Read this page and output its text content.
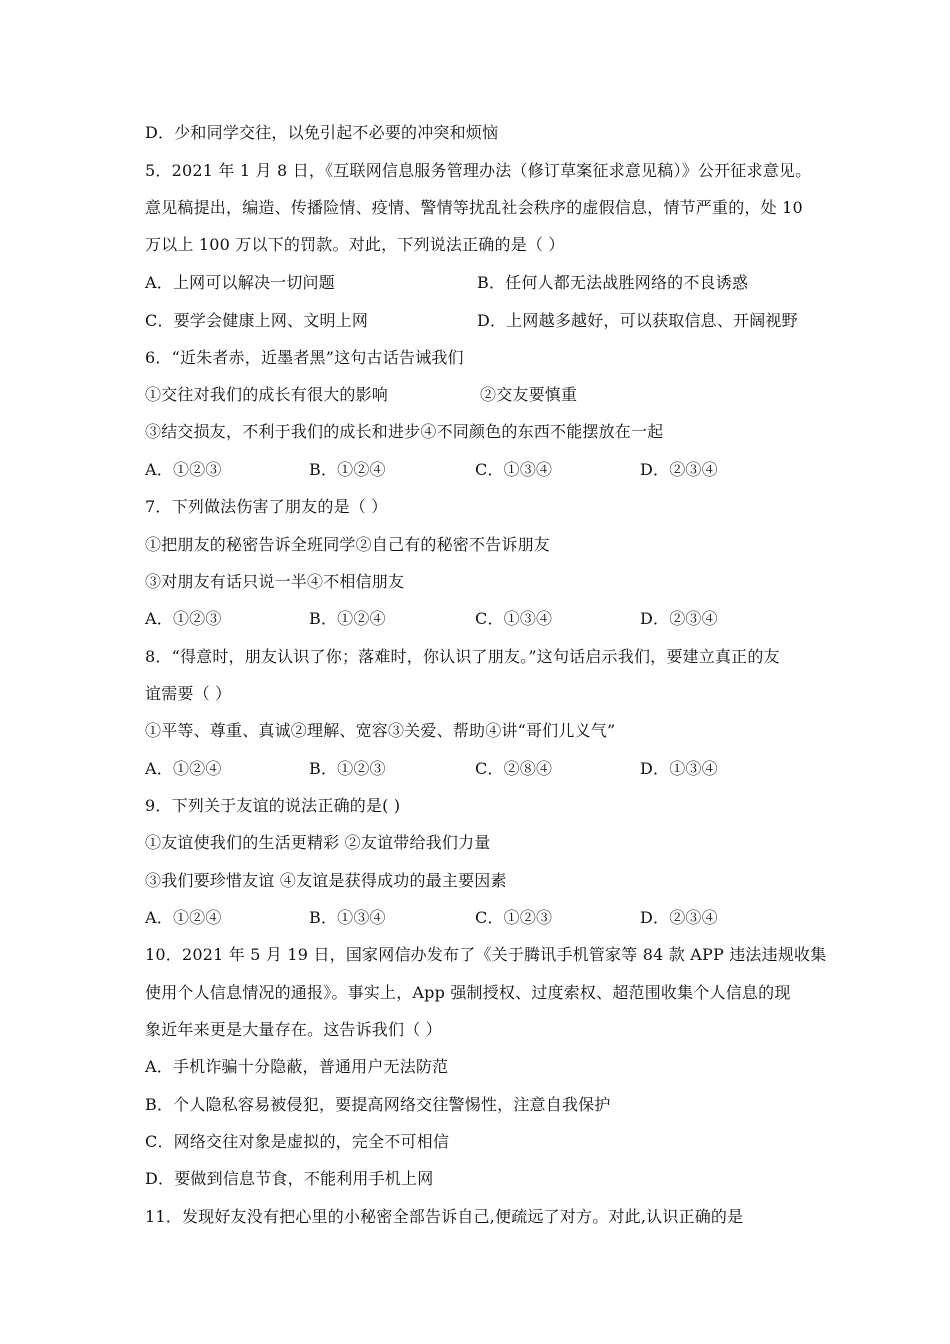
D．少和同学交往，以免引起不必要的冲突和烦恼
5．2021 年 1 月 8 日，《互联网信息服务管理办法（修订草案征求意见稿）》公开征求意见。
意见稿提出，编造、传播险情、疫情、警情等扰乱社会秩序的虚假信息，情节严重的，处 10
万以上 100 万以下的罚款。对此，下列说法正确的是（ ）
A．上网可以解决一切问题	B．任何人都无法战胜网络的不良诱惑
C．要学会健康上网、文明上网	D．上网越多越好，可以获取信息、开阔视野
6．“近朱者赤，近墨者黑”这句古话告诫我们
①交往对我们的成长有很大的影响	②交友要慎重
③结交损友，不利于我们的成长和进步④不同颜色的东西不能摆放在一起
A．①②③	B．①②④	C．①③④	D．②③④
7．下列做法伤害了朋友的是（ ）
①把朋友的秘密告诉全班同学②自己有的秘密不告诉朋友
③对朋友有话只说一半④不相信朋友
A．①②③	B．①②④	C．①③④	D．②③④
8．“得意时，朋友认识了你；落难时，你认识了朋友。”这句话启示我们，要建立真正的友
谊需要（ ）
①平等、尊重、真诚②理解、宽容③关爱、帮助④讲“哥们儿义气”
A．①②④	B．①②③	C．②⑧④	D．①③④
9．下列关于友谊的说法正确的是( )
①友谊使我们的生活更精彩 ②友谊带给我们力量
③我们要珍惜友谊 ④友谊是获得成功的最主要因素
A．①②④	B．①③④	C．①②③	D．②③④
10．2021 年 5 月 19 日，国家网信办发布了《关于腾讯手机管家等 84 款 APP 违法违规收集
使用个人信息情况的通报》。事实上，App 强制授权、过度索权、超范围收集个人信息的现
象近年来更是大量存在。这告诉我们（ ）
A．手机诈骗十分隐蔽，普通用户无法防范
B．个人隐私容易被侵犯，要提高网络交往警惕性，注意自我保护
C．网络交往对象是虚拟的，完全不可相信
D．要做到信息节食，不能利用手机上网
11．发现好友没有把心里的小秘密全部告诉自己,便疏远了对方。对此,认识正确的是
